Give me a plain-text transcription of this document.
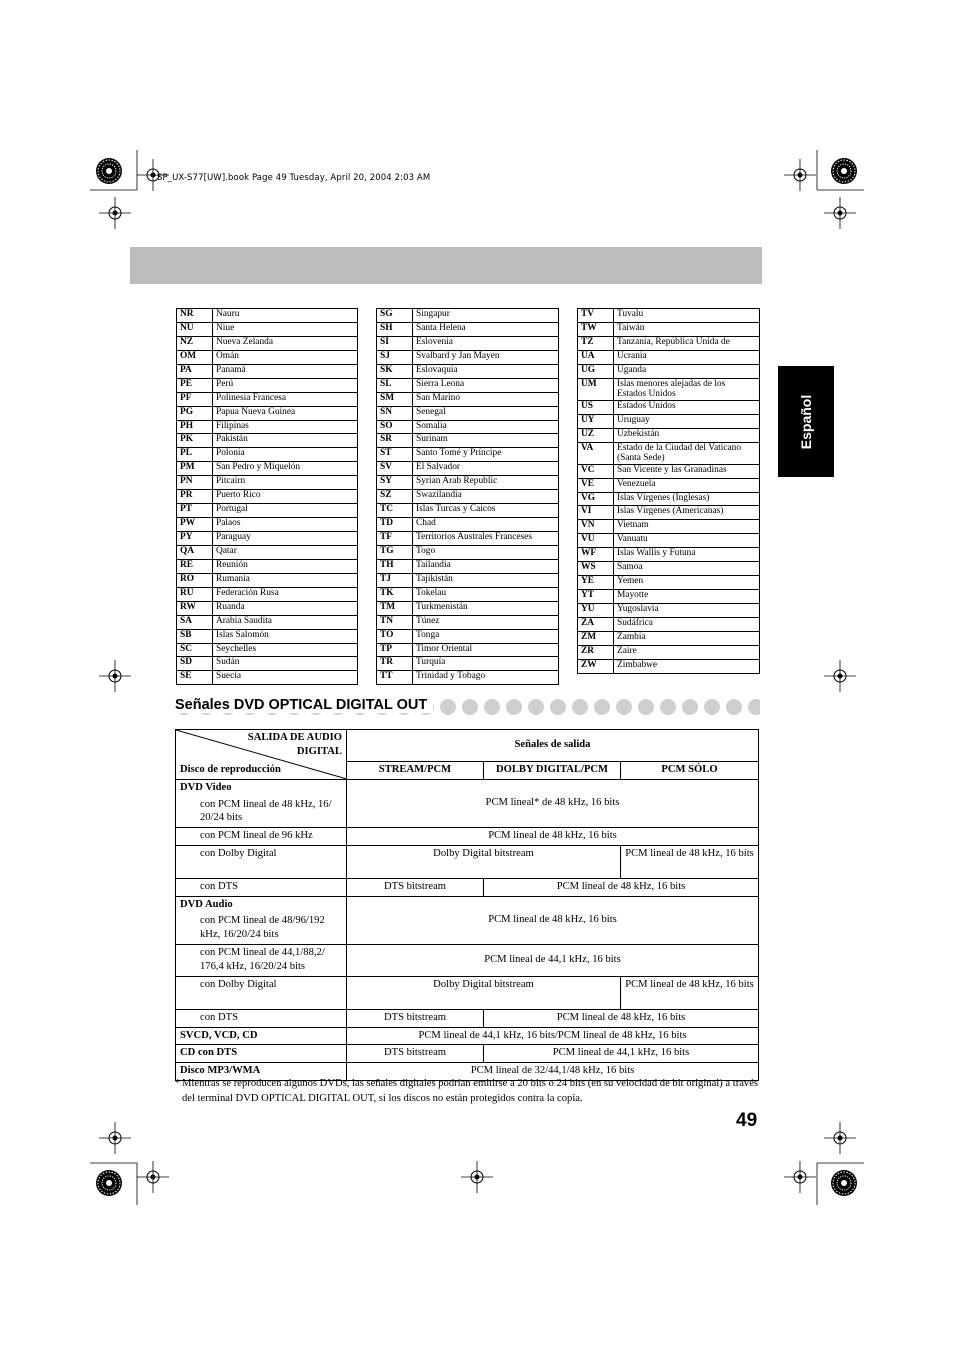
SP_UX-S77[UW].book Page 49 Tuesday, April 20, 2004 2:03 AM
Español
NR	Nauru
NU	Niue
NZ	Nueva Zelanda
OM	Omán
PA	Panamá
PE	Perú
PF	Polinesia Francesa
PG	Papua Nueva Guinea
PH	Filipinas
PK	Pakistán
PL	Polonia
PM	San Pedro y Miquelón
PN	Pitcairn
PR	Puerto Rico
PT	Portugal
PW	Palaos
PY	Paraguay
QA	Qatar
RE	Reunión
RO	Rumania
RU	Federación Rusa
RW	Ruanda
SA	Arabia Saudita
SB	Islas Salomón
SC	Seychelles
SD	Sudán
SE	Suecia
SG	Singapur
SH	Santa Helena
SI	Eslovenia
SJ	Svalbard y Jan Mayen
SK	Eslovaquia
SL	Sierra Leona
SM	San Marino
SN	Senegal
SO	Somalia
SR	Surinam
ST	Santo Tomé y Príncipe
SV	El Salvador
SY	Syrian Arab Republic
SZ	Swazilandia
TC	Islas Turcas y Caicos
TD	Chad
TF	Territorios Australes Franceses
TG	Togo
TH	Tailandia
TJ	Tajikistán
TK	Tokelau
TM	Turkmenistán
TN	Túnez
TO	Tonga
TP	Timor Oriental
TR	Turquía
TT	Trinidad y Tobago
TV	Tuvalu
TW	Taiwán
TZ	Tanzania, República Unida de
UA	Ucrania
UG	Uganda
UM	Islas menores alejadas de los Estados Unidos
US	Estados Unidos
UY	Uruguay
UZ	Uzbekistán
VA	Estado de la Ciudad del Vaticano (Santa Sede)
VC	San Vicente y las Granadinas
VE	Venezuela
VG	Islas Vírgenes (Inglesas)
VI	Islas Vírgenes (Americanas)
VN	Vietnam
VU	Vanuatu
WF	Islas Wallis y Futuna
WS	Samoa
YE	Yemen
YT	Mayotte
YU	Yugoslavia
ZA	Sudáfrica
ZM	Zambia
ZR	Zaire
ZW	Zimbabwe
Señales DVD OPTICAL DIGITAL OUT
SALIDA DE AUDIO DIGITAL
Disco de reproducción	Señales de salida		
	STREAM/PCM	DOLBY DIGITAL/PCM	PCM SÓLO
DVD Video	PCM lineal* de 48 kHz, 16 bits		
con PCM lineal de 48 kHz, 16/ 20/24 bits			
con PCM lineal de 96 kHz	PCM lineal de 48 kHz, 16 bits		
con Dolby Digital	Dolby Digital bitstream		PCM lineal de 48 kHz, 16 bits
con DTS	DTS bitstream	PCM lineal de 48 kHz, 16 bits	
DVD Audio	PCM lineal de 48 kHz, 16 bits		
con PCM lineal de 48/96/192 kHz, 16/20/24 bits			
con PCM lineal de 44,1/88,2/ 176,4 kHz, 16/20/24 bits	PCM lineal de 44,1 kHz, 16 bits		
con Dolby Digital	Dolby Digital bitstream		PCM lineal de 48 kHz, 16 bits
con DTS	DTS bitstream	PCM lineal de 48 kHz, 16 bits	
SVCD, VCD, CD	PCM lineal de 44,1 kHz, 16 bits/PCM lineal de 48 kHz, 16 bits		
CD con DTS	DTS bitstream	PCM lineal de 44,1 kHz, 16 bits	
Disco MP3/WMA	PCM lineal de 32/44,1/48 kHz, 16 bits		
* Mientras se reproducen algunos DVDs, las señales digitales podrían emitirse a 20 bits o 24 bits (en su velocidad de bit original) a través del terminal DVD OPTICAL DIGITAL OUT, si los discos no están protegidos contra la copia.
49
